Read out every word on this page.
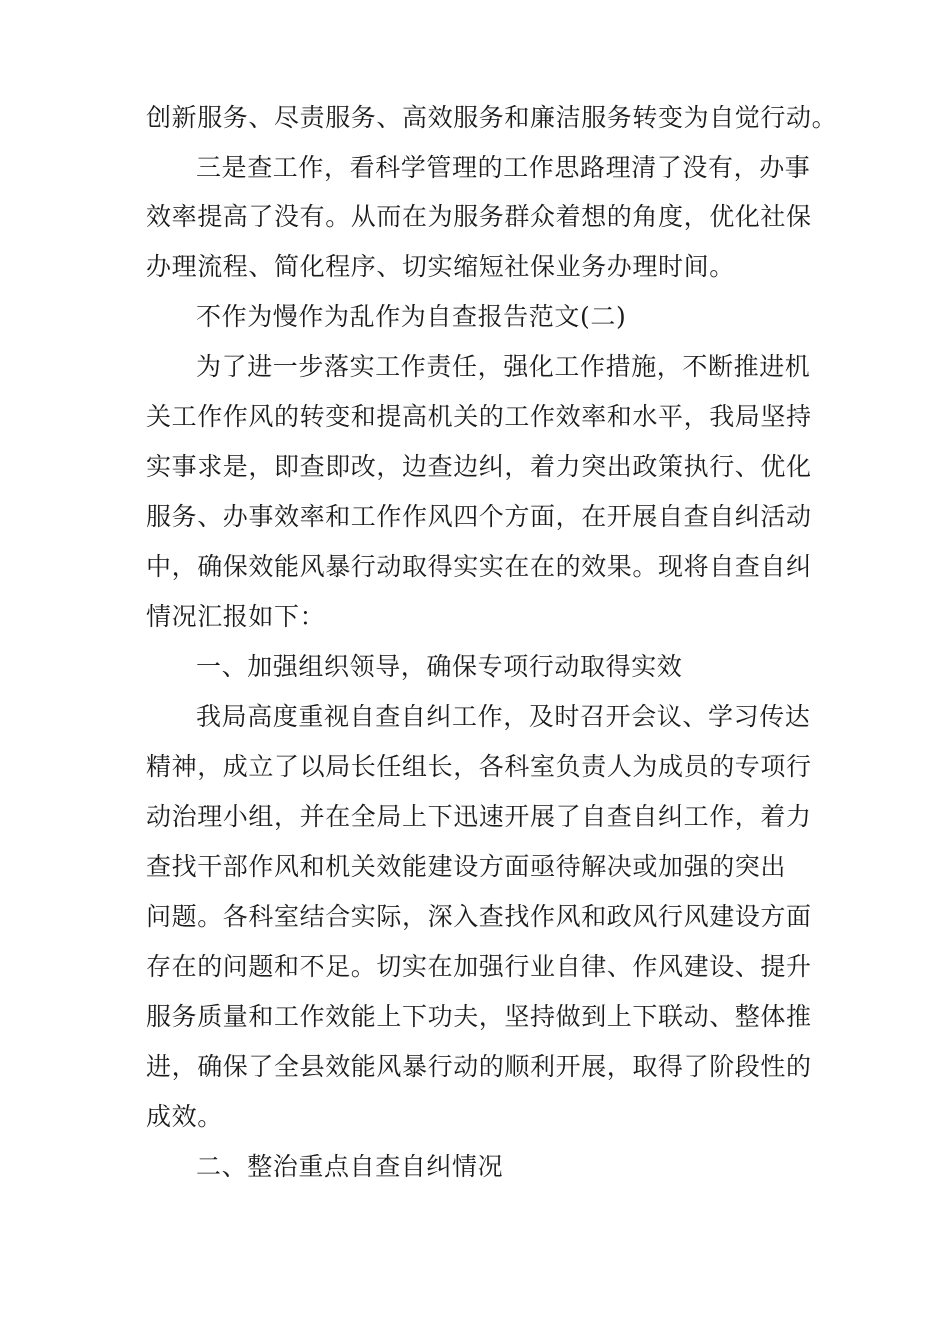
创新服务、尽责服务、高效服务和廉洁服务转变为自觉行动。
三是查工作，看科学管理的工作思路理清了没有，办事
效率提高了没有。从而在为服务群众着想的角度，优化社保
办理流程、简化程序、切实缩短社保业务办理时间。
不作为慢作为乱作为自查报告范文(二)
为了进一步落实工作责任，强化工作措施，不断推进机
关工作作风的转变和提高机关的工作效率和水平，我局坚持
实事求是，即查即改，边查边纠，着力突出政策执行、优化
服务、办事效率和工作作风四个方面，在开展自查自纠活动
中，确保效能风暴行动取得实实在在的效果。现将自查自纠
情况汇报如下：
一、加强组织领导，确保专项行动取得实效
我局高度重视自查自纠工作，及时召开会议、学习传达
精神，成立了以局长任组长，各科室负责人为成员的专项行
动治理小组，并在全局上下迅速开展了自查自纠工作，着力
查找干部作风和机关效能建设方面亟待解决或加强的突出
问题。各科室结合实际，深入查找作风和政风行风建设方面
存在的问题和不足。切实在加强行业自律、作风建设、提升
服务质量和工作效能上下功夫，坚持做到上下联动、整体推
进，确保了全县效能风暴行动的顺利开展，取得了阶段性的
成效。
二、整治重点自查自纠情况
